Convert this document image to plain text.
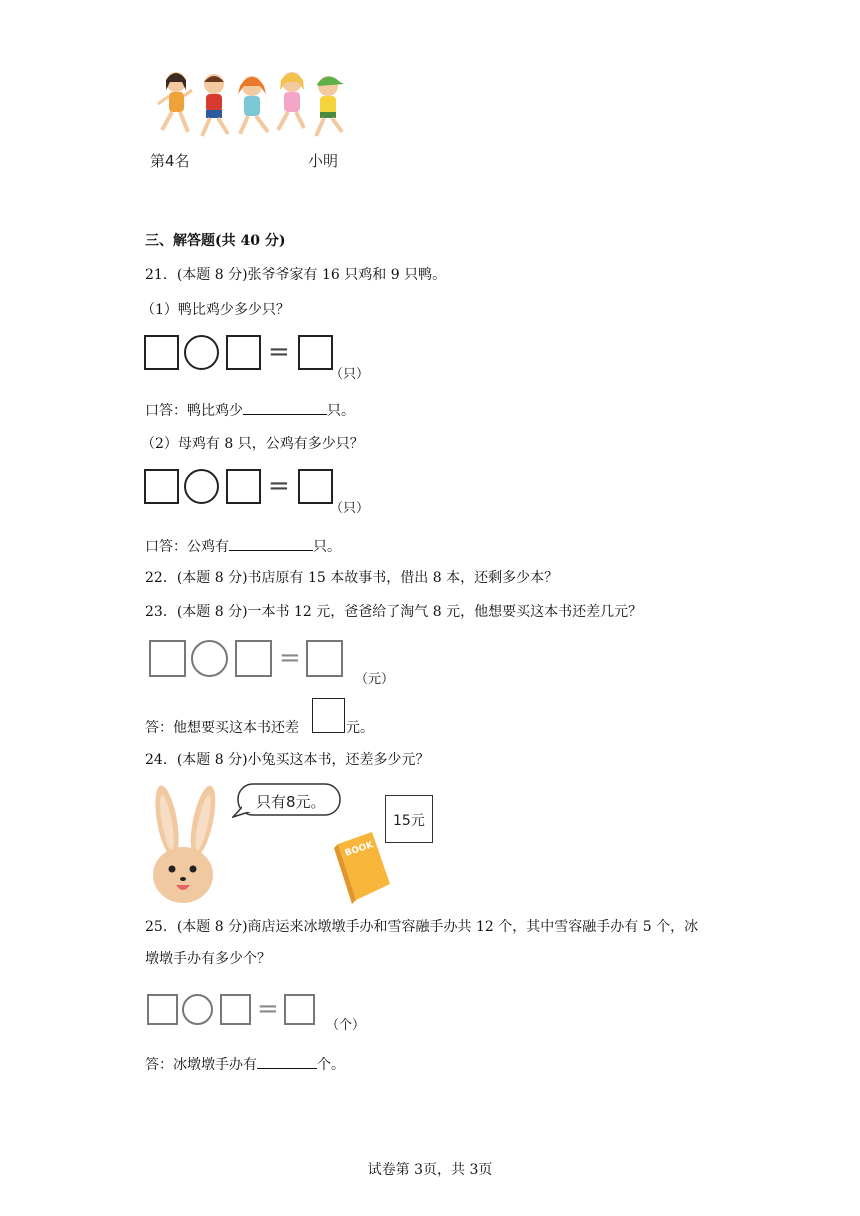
第4名	小明
三、解答题(共 40 分)
21．(本题 8 分)张爷爷家有 16 只鸡和 9 只鸭。
（1）鸭比鸡少多少只？
=
（只）
口答：鸭比鸡少	只。
（2）母鸡有 8 只，公鸡有多少只？
=
（只）
口答：公鸡有	只。
22．(本题 8 分)书店原有 15 本故事书，借出 8 本，还剩多少本？
23．(本题 8 分)一本书 12 元，爸爸给了淘气 8 元，他想要买这本书还差几元？
=
（元）
答：他想要买这本书还差	元。
24．(本题 8 分)小兔买这本书，还差多少元？
只有8元。
BOOK
15元
25．(本题 8 分)商店运来冰墩墩手办和雪容融手办共 12 个，其中雪容融手办有 5 个，冰
墩墩手办有多少个？
=
（个）
答：冰墩墩手办有	个。
试卷第 3页，共 3页
